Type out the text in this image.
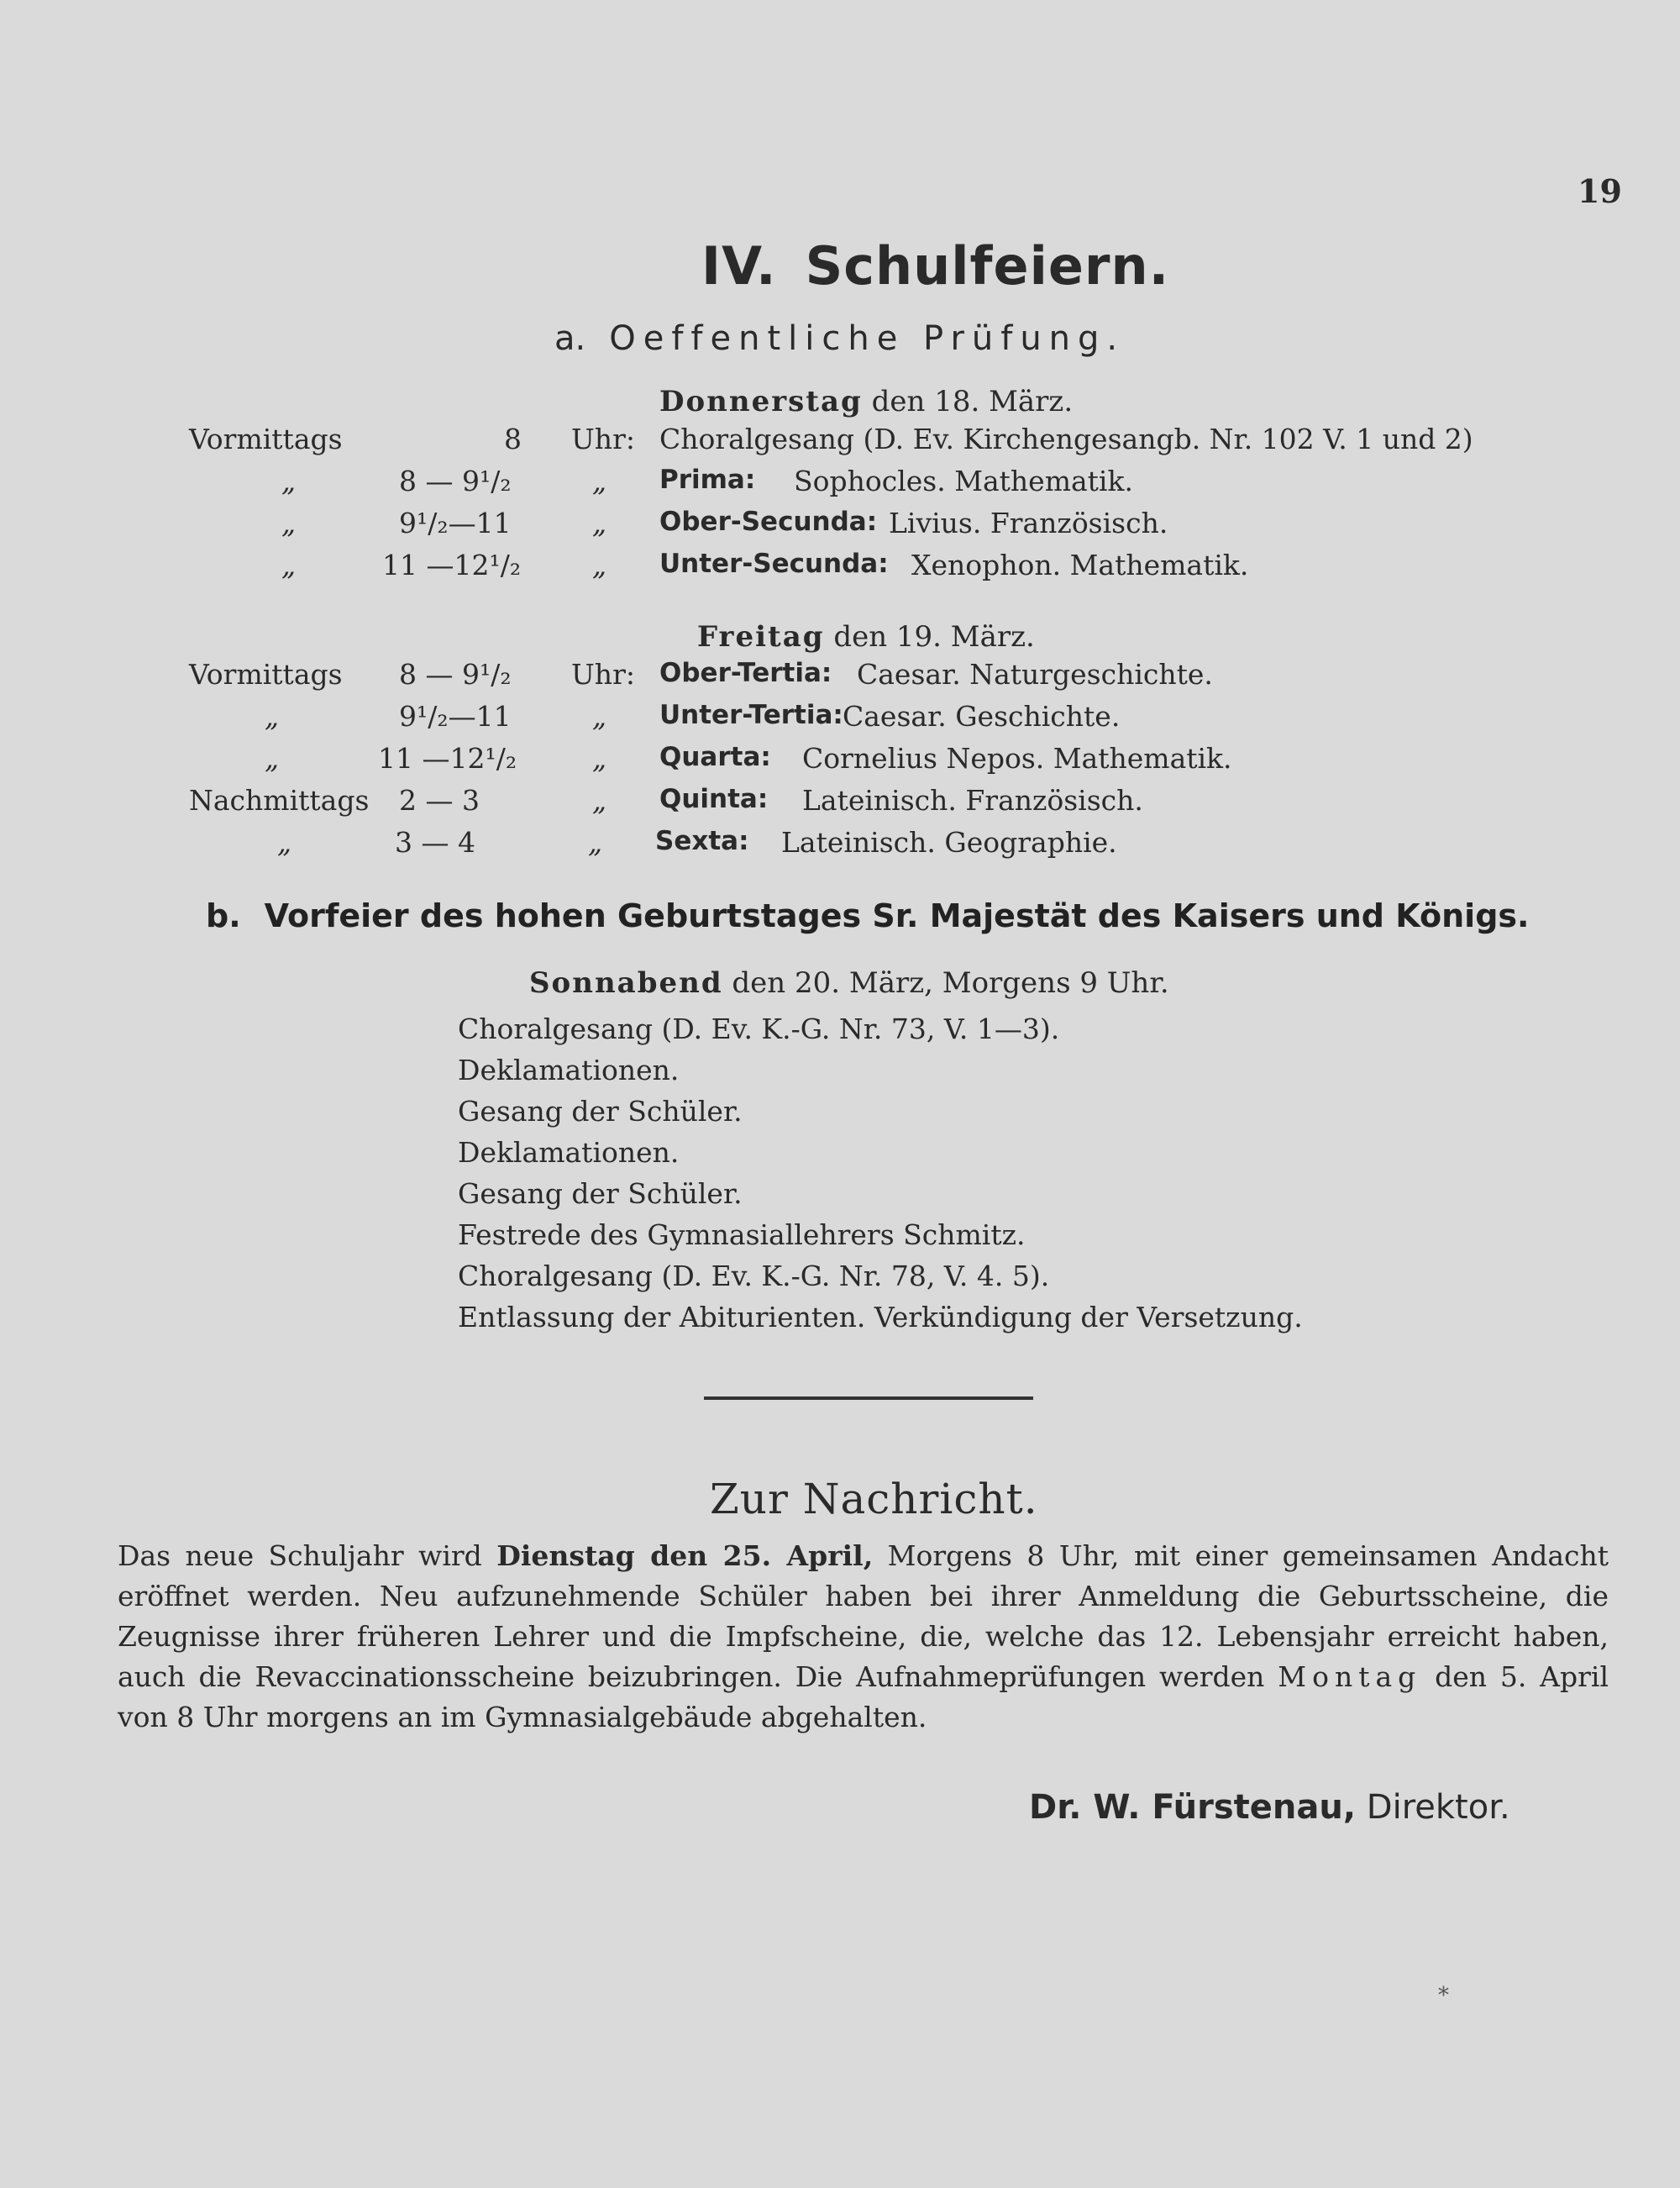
19
IV. Schulfeiern.
a. Oeffentliche Prüfung.
Donnerstag den 18. März.
Vormittags	8 Uhr: Choralgesang (D. Ev. Kirchengesangb. Nr. 102 V. 1 und 2)
„	8 — 9¹/₂	„ Prima: Sophocles. Mathematik.
„	9¹/₂—11	„ Ober-Secunda: Livius. Französisch.
„	11 —12¹/₂	„ Unter-Secunda: Xenophon. Mathematik.
Freitag den 19. März.
Vormittags 8 — 9¹/₂ Uhr: Ober-Tertia: Caesar. Naturgeschichte.
„	9¹/₂—11	„ Unter-Tertia: Caesar. Geschichte.
„	11 —12¹/₂	„ Quarta: Cornelius Nepos. Mathematik.
Nachmittags 2 — 3	„ Quinta: Lateinisch. Französisch.
„	3 — 4	„ Sexta: Lateinisch. Geographie.
b. Vorfeier des hohen Geburtstages Sr. Majestät des Kaisers und Königs.
Sonnabend den 20. März, Morgens 9 Uhr.
Choralgesang (D. Ev. K.-G. Nr. 73, V. 1—3).
Deklamationen.
Gesang der Schüler.
Deklamationen.
Gesang der Schüler.
Festrede des Gymnasiallehrers Schmitz.
Choralgesang (D. Ev. K.-G. Nr. 78, V. 4. 5).
Entlassung der Abiturienten. Verkündigung der Versetzung.
Zur Nachricht.
Das neue Schuljahr wird Dienstag den 25. April, Morgens 8 Uhr, mit einer gemeinsamen Andacht eröffnet werden. Neu aufzunehmende Schüler haben bei ihrer Anmeldung die Geburtsscheine, die Zeugnisse ihrer früheren Lehrer und die Impfscheine, die, welche das 12. Lebensjahr erreicht haben, auch die Revaccinationsscheine beizubringen. Die Aufnahmeprüfungen werden Montag den 5. April von 8 Uhr morgens an im Gymnasialgebäude abgehalten.
Dr. W. Fürstenau, Direktor.
*
